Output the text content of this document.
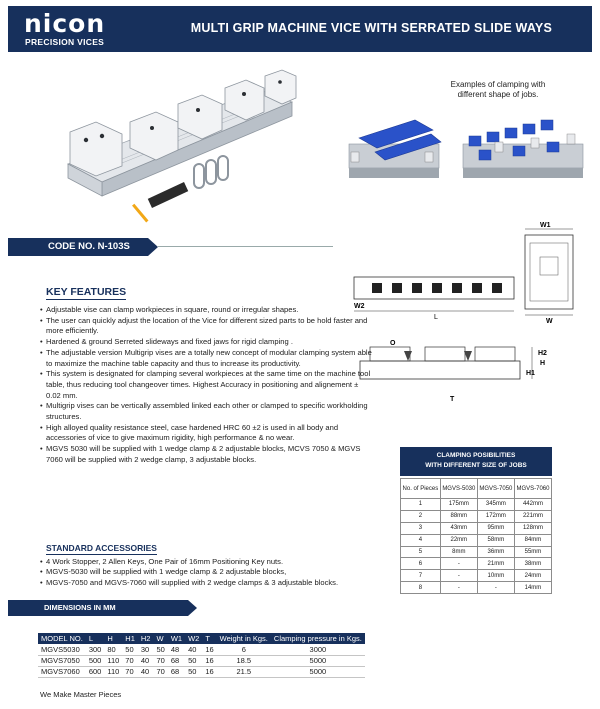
nicon
PRECISION VICES
MULTI GRIP MACHINE VICE WITH SERRATED SLIDE WAYS
Examples of clamping with different shape of jobs.
CODE NO. N-103S
W1
W
L
W2
H
H1
H2
T
O
KEY FEATURES
• Adjustable vise can clamp workpieces in square, round or irregular shapes.
• The user can quickly adjust the location of the Vice for different sized parts to be hold faster and more efficiently.
• Hardened & ground Serreted slideways and fixed jaws for rigid clamping .
• The adjustable version Multigrip vises are a totally new concept of modular clamping system able to maximize the machine table capacity and thus to increase its productivity.
• This system is designated for clamping several workpieces at the same time on the machine tool table, thus reducing tool changeover times. Highest Accuracy in positioning and alignement ± 0.02 mm.
• Multigrip vises can be vertically assembled linked each other or clamped to specific workholding structures.
• High alloyed quality resistance steel, case hardened HRC 60 ±2 is used in all body and accessories of vice to give maximum rigidity, high performance & no wear.
• MGVS 5030 will be supplied with 1 wedge clamp & 2 adjustable blocks, MCVS 7050 & MGVS 7060 will be supplied with 2 wedge clamp, 3 adjustable blocks.
STANDARD ACCESSORIES
• 4 Work Stopper, 2 Allen Keys, One Pair of 16mm Positioning Key nuts.
• MGVS-5030 will be supplied with 1 wedge clamp & 2 adjustable blocks,
• MGVS-7050 and MGVS-7060 will supplied with 2 wedge clamps & 3 adjustable blocks.
CLAMPING POSIBILITIES
WITH DIFFERENT SIZE OF JOBS
No. of Pieces	MGVS-5030	MGVS-7050	MGVS-7060
1	175mm	345mm	442mm
2	88mm	172mm	221mm
3	43mm	95mm	128mm
4	22mm	58mm	84mm
5	8mm	36mm	55mm
6	-	21mm	38mm
7	-	10mm	24mm
8	-	-	14mm
DIMENSIONS IN MM
MODEL NO.	L	H	H1	H2	W	W1	W2	T	Weight in Kgs.	Clamping pressure in Kgs.
MGVS5030	300	80	50	30	50	48	40	16	6	3000
MGVS7050	500	110	70	40	70	68	50	16	18.5	5000
MGVS7060	600	110	70	40	70	68	50	16	21.5	5000
We Make Master Pieces
